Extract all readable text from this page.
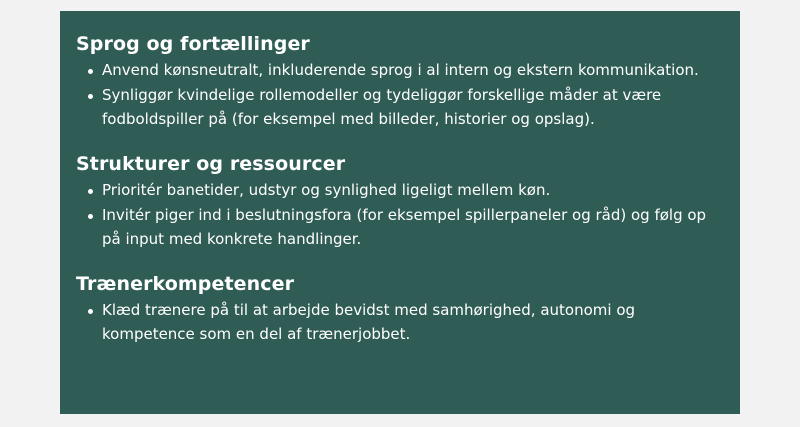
Sprog og fortællinger
Anvend kønsneutralt, inkluderende sprog i al intern og ekstern kommunikation.
Synliggør kvindelige rollemodeller og tydeliggør forskellige måder at være fodboldspiller på (for eksempel med billeder, historier og opslag).
Strukturer og ressourcer
Prioritér banetider, udstyr og synlighed ligeligt mellem køn.
Invitér piger ind i beslutningsfora (for eksempel spillerpaneler og råd) og følg op på input med konkrete handlinger.
Trænerkompetencer
Klæd trænere på til at arbejde bevidst med samhørighed, autonomi og kompetence som en del af trænerjobbet.
